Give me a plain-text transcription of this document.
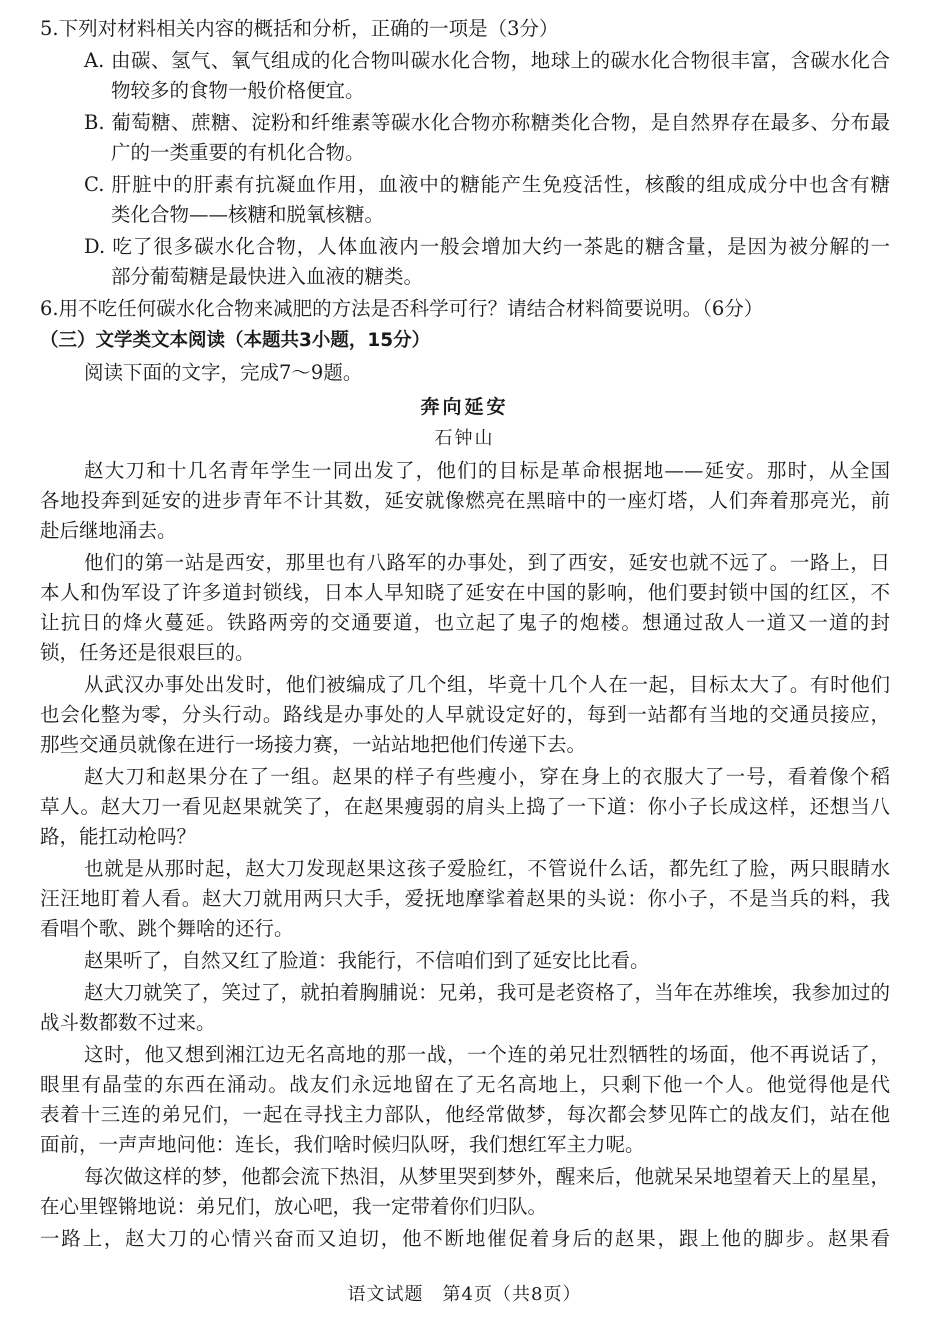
5.下列对材料相关内容的概括和分析，正确的一项是（3分）
A. 由碳、氢气、氧气组成的化合物叫碳水化合物，地球上的碳水化合物很丰富，含碳水化合
物较多的食物一般价格便宜。
B. 葡萄糖、蔗糖、淀粉和纤维素等碳水化合物亦称糖类化合物，是自然界存在最多、分布最
广的一类重要的有机化合物。
C. 肝脏中的肝素有抗凝血作用，血液中的糖能产生免疫活性，核酸的组成成分中也含有糖
类化合物——核糖和脱氧核糖。
D. 吃了很多碳水化合物，人体血液内一般会增加大约一茶匙的糖含量，是因为被分解的一
部分葡萄糖是最快进入血液的糖类。
6.用不吃任何碳水化合物来减肥的方法是否科学可行？请结合材料简要说明。（6分）
（三）文学类文本阅读（本题共3小题，15分）
阅读下面的文字，完成7～9题。
奔向延安
石钟山
赵大刀和十几名青年学生一同出发了，他们的目标是革命根据地——延安。那时，从全国
各地投奔到延安的进步青年不计其数，延安就像燃亮在黑暗中的一座灯塔，人们奔着那亮光，前
赴后继地涌去。
他们的第一站是西安，那里也有八路军的办事处，到了西安，延安也就不远了。一路上，日
本人和伪军设了许多道封锁线，日本人早知晓了延安在中国的影响，他们要封锁中国的红区，不
让抗日的烽火蔓延。铁路两旁的交通要道，也立起了鬼子的炮楼。想通过敌人一道又一道的封
锁，任务还是很艰巨的。
从武汉办事处出发时，他们被编成了几个组，毕竟十几个人在一起，目标太大了。有时他们
也会化整为零，分头行动。路线是办事处的人早就设定好的，每到一站都有当地的交通员接应，
那些交通员就像在进行一场接力赛，一站站地把他们传递下去。
赵大刀和赵果分在了一组。赵果的样子有些瘦小，穿在身上的衣服大了一号，看着像个稻
草人。赵大刀一看见赵果就笑了，在赵果瘦弱的肩头上捣了一下道：你小子长成这样，还想当八
路，能扛动枪吗？
也就是从那时起，赵大刀发现赵果这孩子爱脸红，不管说什么话，都先红了脸，两只眼睛水
汪汪地盯着人看。赵大刀就用两只大手，爱抚地摩挲着赵果的头说：你小子，不是当兵的料，我
看唱个歌、跳个舞啥的还行。
赵果听了，自然又红了脸道：我能行，不信咱们到了延安比比看。
赵大刀就笑了，笑过了，就拍着胸脯说：兄弟，我可是老资格了，当年在苏维埃，我参加过的
战斗数都数不过来。
这时，他又想到湘江边无名高地的那一战，一个连的弟兄壮烈牺牲的场面，他不再说话了，
眼里有晶莹的东西在涌动。战友们永远地留在了无名高地上，只剩下他一个人。他觉得他是代
表着十三连的弟兄们，一起在寻找主力部队，他经常做梦，每次都会梦见阵亡的战友们，站在他
面前，一声声地问他：连长，我们啥时候归队呀，我们想红军主力呢。
每次做这样的梦，他都会流下热泪，从梦里哭到梦外，醒来后，他就呆呆地望着天上的星星，
在心里铿锵地说：弟兄们，放心吧，我一定带着你们归队。
一路上，赵大刀的心情兴奋而又迫切，他不断地催促着身后的赵果，跟上他的脚步。赵果看
语文试题　第4页（共8页）
